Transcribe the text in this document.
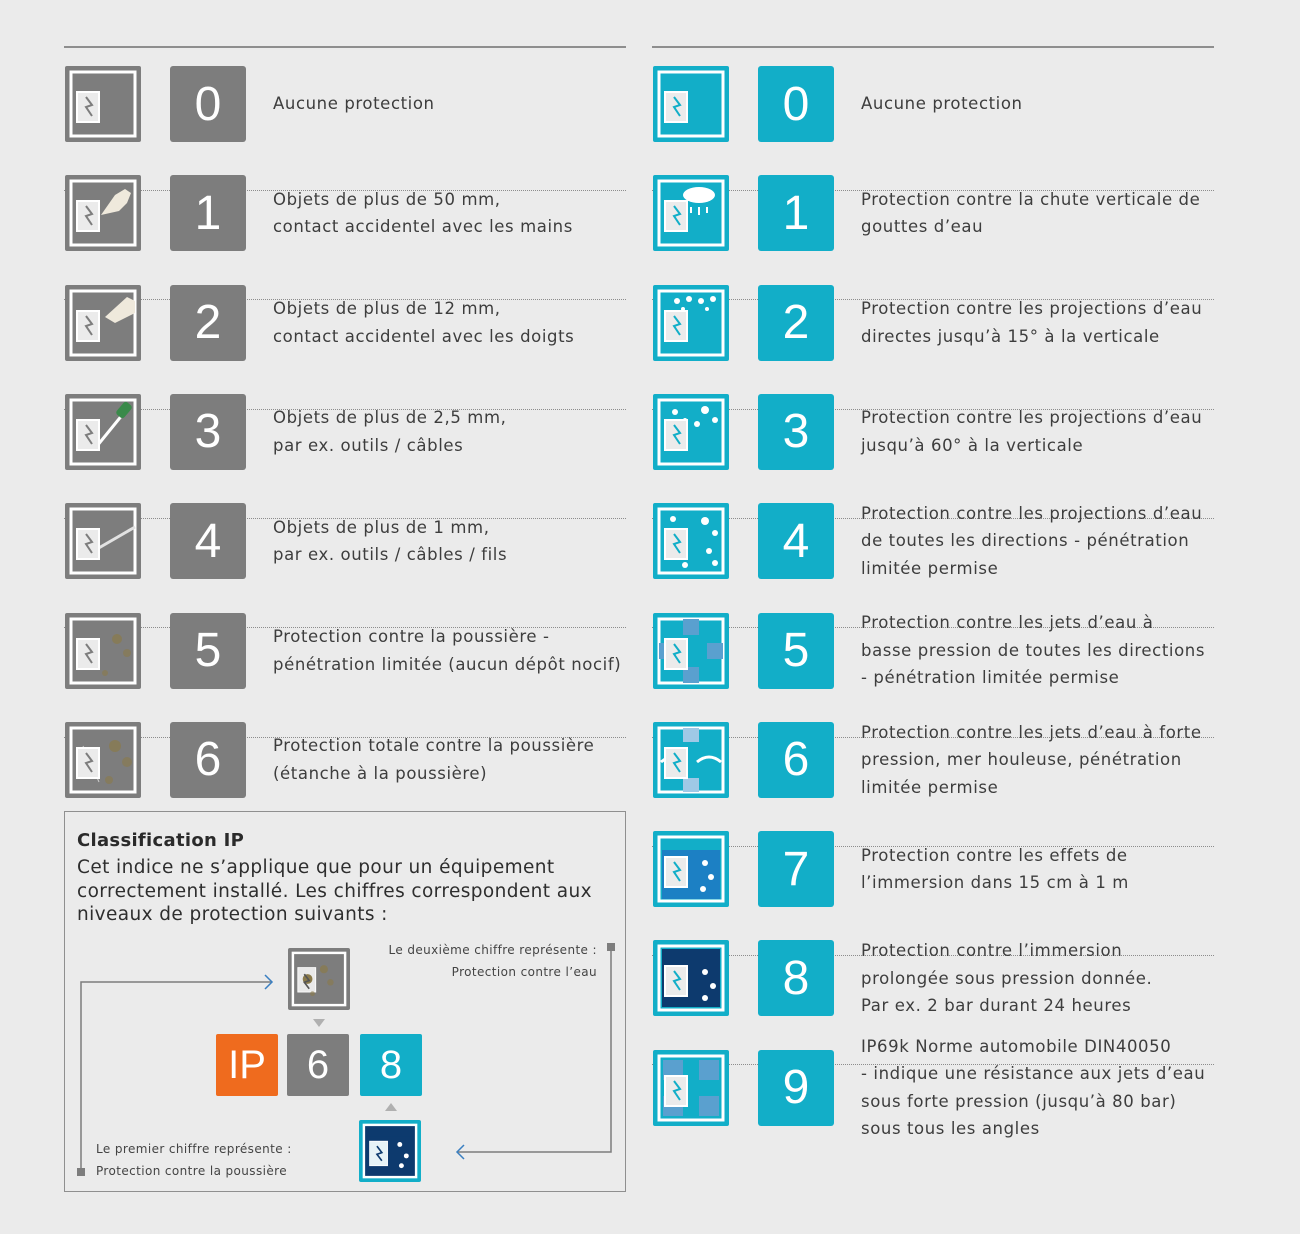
0	Aucune protection
1	Objets de plus de 50 mm,
contact accidentel avec les mains
2	Objets de plus de 12 mm,
contact accidentel avec les doigts
3	Objets de plus de 2,5 mm,
par ex. outils / câbles
4	Objets de plus de 1 mm,
par ex. outils / câbles / fils
5	Protection contre la poussière -
pénétration limitée (aucun dépôt nocif)
6	Protection totale contre la poussière
(étanche à la poussière)
0	Aucune protection
1	Protection contre la chute verticale de
gouttes d’eau
2	Protection contre les projections d’eau
directes jusqu’à 15° à la verticale
3	Protection contre les projections d’eau
jusqu’à 60° à la verticale
4
Protection contre les projections d’eau
de toutes les directions - pénétration
limitée permise
5
Protection contre les jets d’eau à
basse pression de toutes les directions
- pénétration limitée permise
6
Protection contre les jets d’eau à forte
pression, mer houleuse, pénétration
limitée permise
7	Protection contre les effets de
l’immersion dans 15 cm à 1 m
8
Protection contre l’immersion
prolongée sous pression donnée.
Par ex. 2 bar durant 24 heures
9
IP69k Norme automobile DIN40050
- indique une résistance aux jets d’eau
sous forte pression (jusqu’à 80 bar)
sous tous les angles
Classification IP
Cet indice ne s’applique que pour un équipement correctement installé. Les chiffres correspondent aux niveaux de protection suivants :
Le deuxième chiffre représente :
Protection contre l’eau
Le premier chiffre représente :
Protection contre la poussière
IP	6	8
